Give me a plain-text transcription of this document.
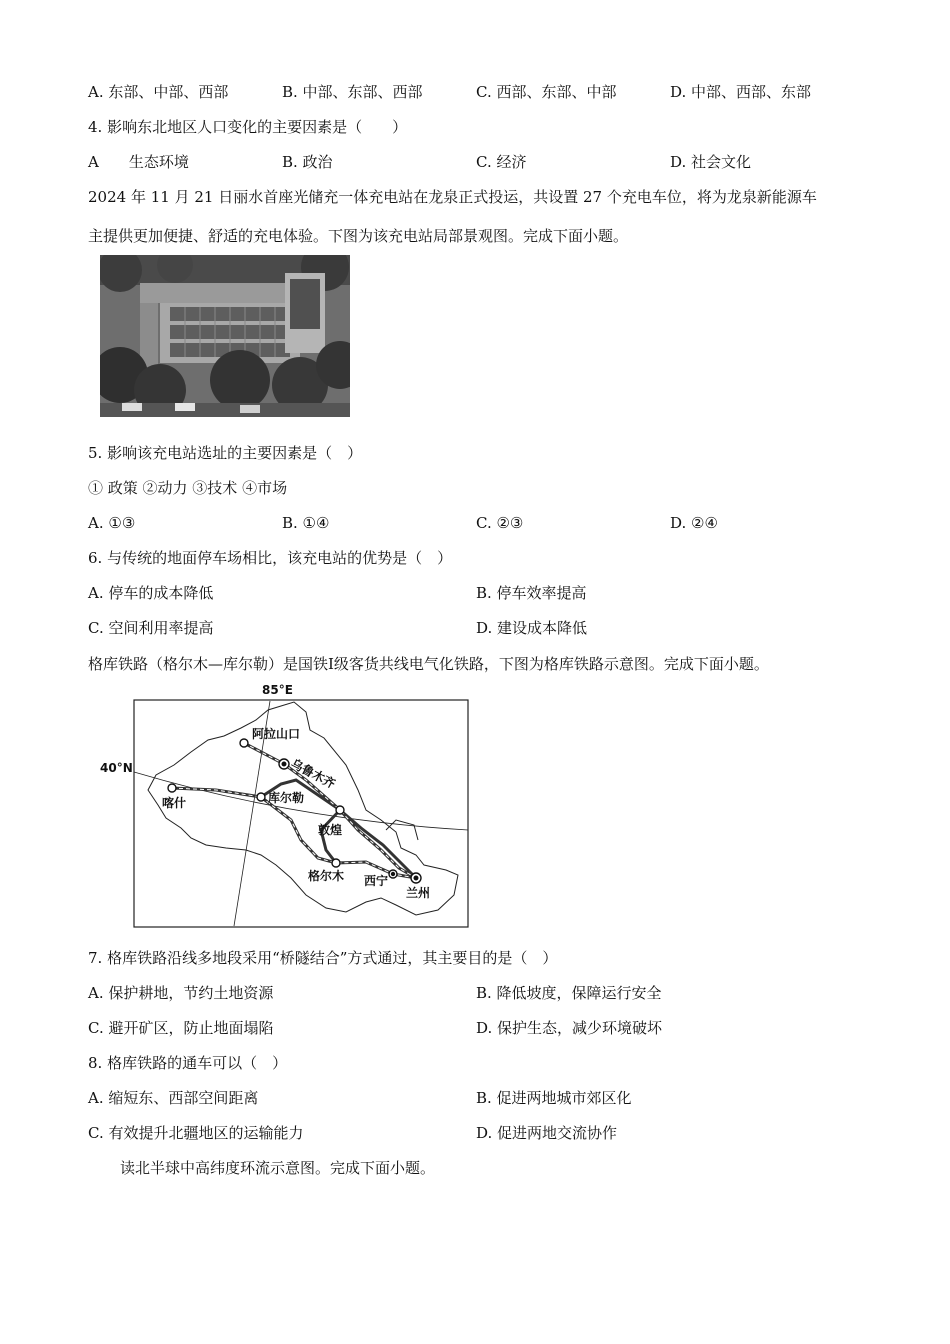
A. 东部、中部、西部	B. 中部、东部、西部	C. 西部、东部、中部	D. 中部、西部、东部
4. 影响东北地区人口变化的主要因素是（　　）
A　　生态环境	B. 政治	C. 经济	D. 社会文化
2024 年 11 月 21 日丽水首座光储充一体充电站在龙泉正式投运，共设置 27 个充电车位，将为龙泉新能源车
主提供更加便捷、舒适的充电体验。下图为该充电站局部景观图。完成下面小题。
5. 影响该充电站选址的主要因素是（　）
① 政策 ②动力 ③技术 ④市场
A. ①③	B. ①④	C. ②③	D. ②④
6. 与传统的地面停车场相比，该充电站的优势是（　）
A. 停车的成本降低	B. 停车效率提高
C. 空间利用率提高	D. 建设成本降低
格库铁路（格尔木—库尔勒）是国铁Ⅰ级客货共线电气化铁路，下图为格库铁路示意图。完成下面小题。
85°E
40°N
阿拉山口
乌鲁木齐
库尔勒
喀什
敦煌
格尔木 西宁
兰州
7. 格库铁路沿线多地段采用“桥隧结合”方式通过，其主要目的是（　）
A. 保护耕地，节约土地资源	B. 降低坡度，保障运行安全
C. 避开矿区，防止地面塌陷	D. 保护生态，减少环境破坏
8. 格库铁路的通车可以（　）
A. 缩短东、西部空间距离	B. 促进两地城市郊区化
C. 有效提升北疆地区的运输能力	D. 促进两地交流协作
读北半球中高纬度环流示意图。完成下面小题。
